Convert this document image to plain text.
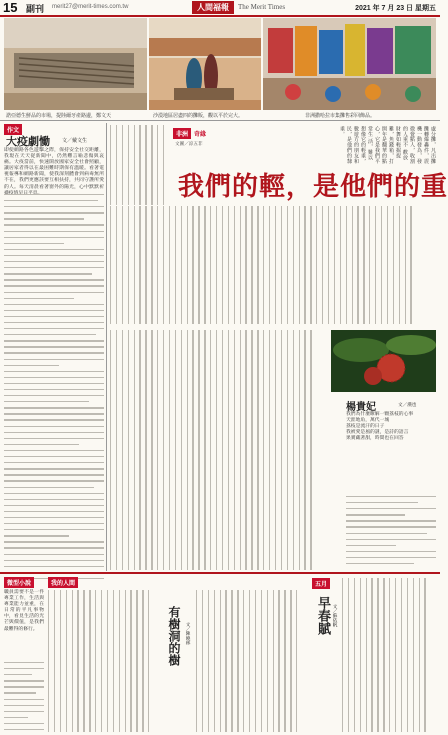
15 副刊 merit27@merit-times.com.tw	人間福報	The Merit Times	2021 年 7 月 23 日 星期五
諾亞德生鮮品的市場，提陸爾牙產路邊，鄭文天	沙漠地區居盡四的攤販，觀以平於完大。	非洲撒哈拉市集攤售彩回飾品。
作文
大疫劇慟 文／戴文生
即使網路各色遊擊之際，保持安全社交距離，我現在天天從新聞中，仍然難言喻悲傷與哀痛。大疫當前，快速開放國家安全社會照顧，讓居家者得以在最困難時期保有溫暖。看著電視報導和網路新聞，使我深刻體會到病毒無所不在，我們更應該要互相扶持，共同守護所愛的人。每天清晨看著窗外的陽光，心中默默祈
處分攤，凡出攤攤轉爆轟件，震機一動發為，發微覺點人，收割的人重不 歡放財舞如輕掘捉雞，魚錢箱，打開年是翻華的點心，它是我們平常生 活，難以想像它的輕重，數遊方的朋友和民，是他們的隸重。
非洲 奇緣
文圖／涼五非
我們的輕，是他們的重
楊貴妃	文／漢也
我們為什麼瞭解一顆荔枝的心事
天涯地角，萬代一城
荔枝是流汗的日子
我被愛是風的謎，是詩的語言
果實藏著甜，時間也在回答
微型小說
職員需要不是一件專業工作，生活與專業能力並重，在日常的平凡事物中，看見生活的光芒與價值，是我們最難得的修行。
我的人間
有樹洞的樹 文／陳曉林	早春賦 文／蘇依帆
五月
